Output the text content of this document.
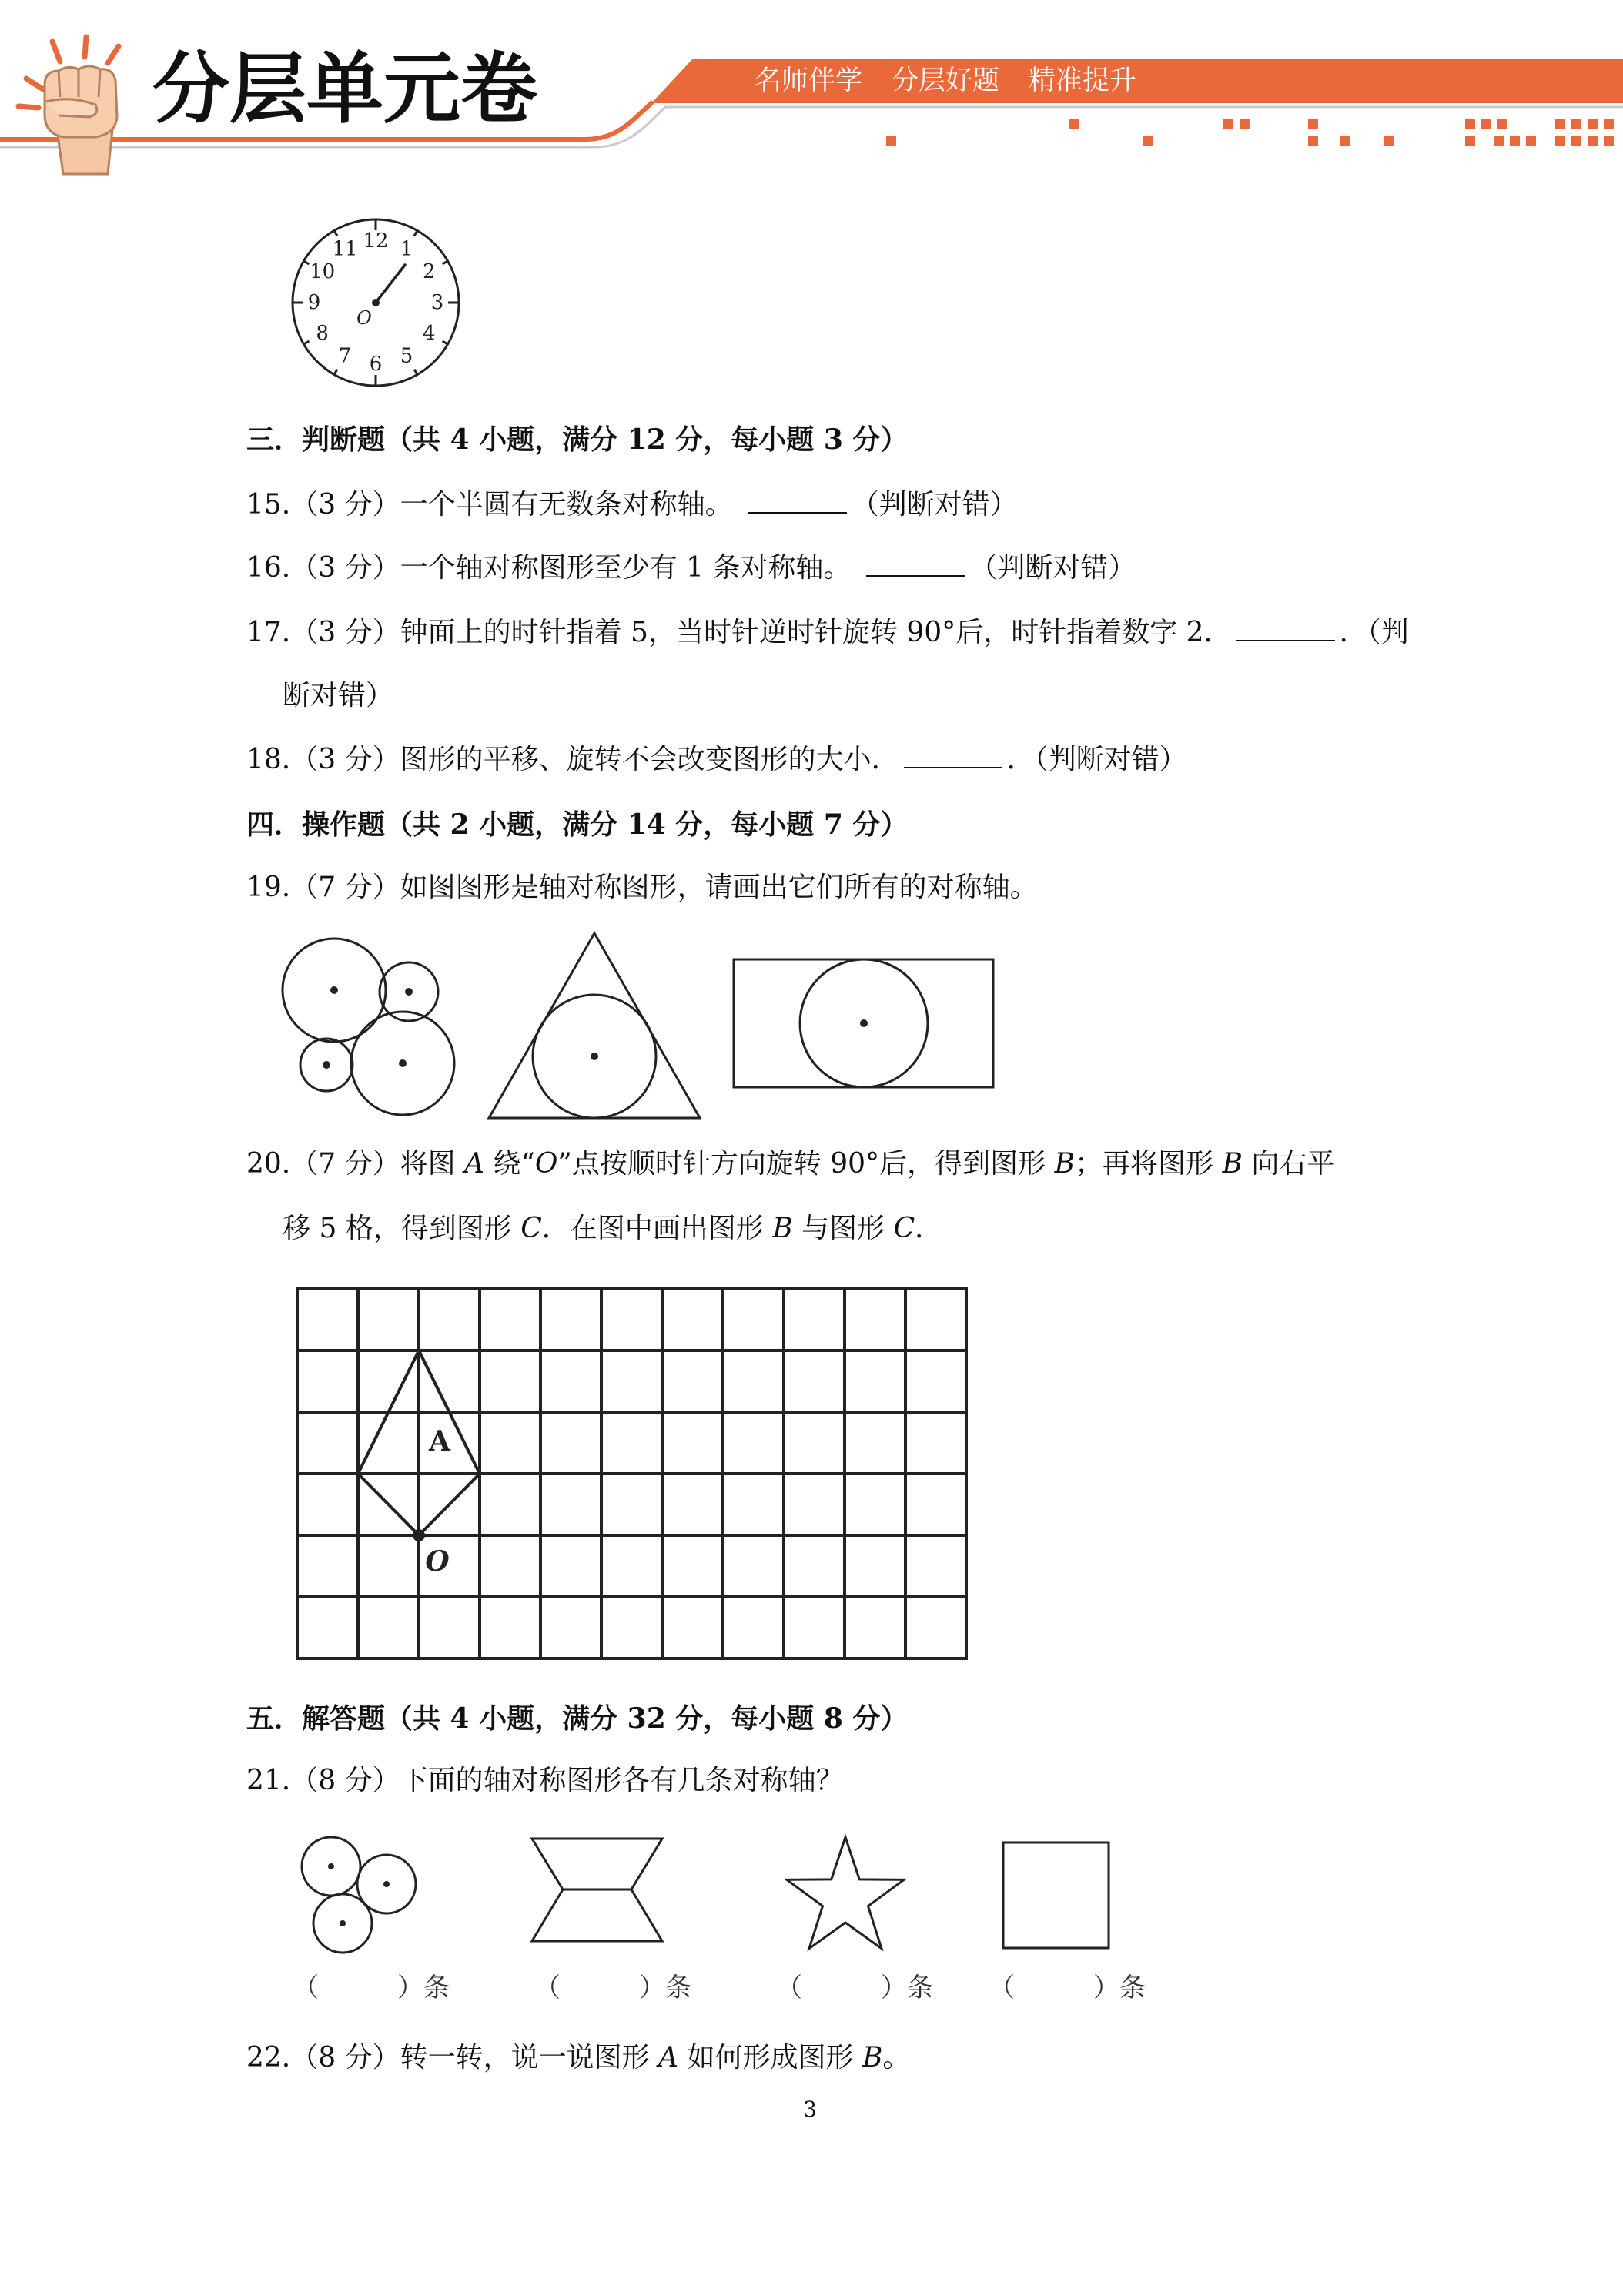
分层单元卷	名师伴学 分层好题 精准提升
12 1
2
3
4
5
6
7
8
9
10
11
O
三．判断题（共 4 小题，满分 12 分，每小题 3 分）
15.（3 分）一个半圆有无数条对称轴。	（判断对错）
16.（3 分）一个轴对称图形至少有 1 条对称轴。	（判断对错）
17.（3 分）钟面上的时针指着 5，当时针逆时针旋转 90°后，时针指着数字 2．	．（判
断对错）
18.（3 分）图形的平移、旋转不会改变图形的大小．	．（判断对错）
四．操作题（共 2 小题，满分 14 分，每小题 7 分）
19.（7 分）如图图形是轴对称图形，请画出它们所有的对称轴。
20.（7 分）将图 A 绕“O”点按顺时针方向旋转 90°后，得到图形 B；再将图形 B 向右平
移 5 格，得到图形 C．在图中画出图形 B 与图形 C．
A
O
五．解答题（共 4 小题，满分 32 分，每小题 8 分）
21.（8 分）下面的轴对称图形各有几条对称轴？
（　　　）条	（　　　）条	（　　　）条 （　　　）条
22.（8 分）转一转，说一说图形 A 如何形成图形 B。
3
